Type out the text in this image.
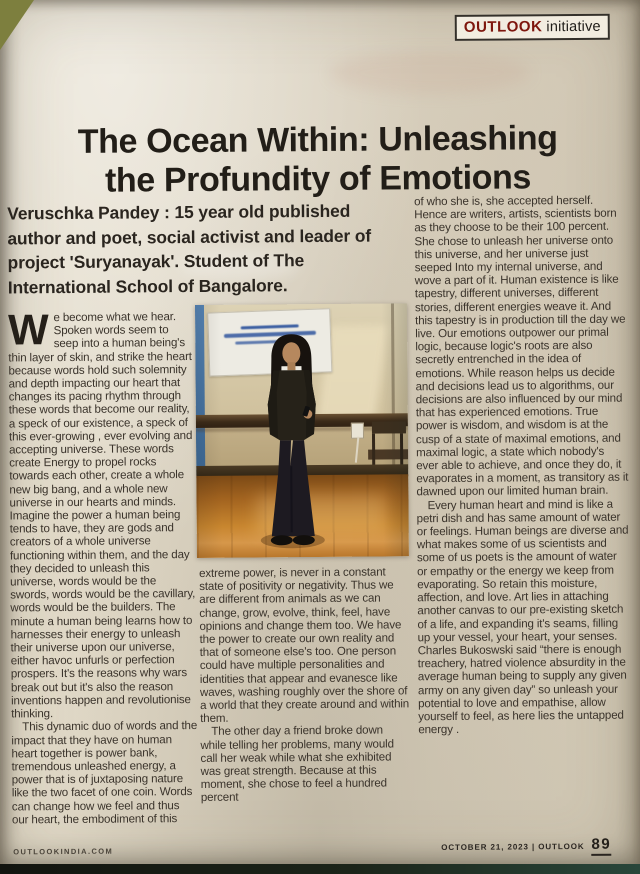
OUTLOOK initiative
The Ocean Within: Unleashing
the Profundity of Emotions
Veruschka Pandey : 15 year old published author and poet, social activist and leader of project 'Suryanayak'. Student of The International School of Bangalore.

We become what we hear. Spoken words seem to seep into a human being's thin layer of skin, and strike the heart because words hold such solemnity and depth impacting our heart that changes its pacing rhythm through these words that become our reality, a speck of our existence, a speck of this ever-growing , ever evolving and accepting universe. These words create Energy to propel rocks towards each other, create a whole new big bang, and a whole new universe in our hearts and minds. Imagine the power a human being tends to have, they are gods and creators of a whole universe functioning within them, and the day they decided to unleash this universe, words would be the swords, words would be the cavillary, words would be the builders. The minute a human being learns how to harnesses their energy to unleash their universe upon our universe, either havoc unfurls or perfection prospers. It's the reasons why wars break out but it's also the reason inventions happen and revolutionise thinking.

This dynamic duo of words and the impact that they have on human heart together is power bank, tremendous unleashed energy, a power that is of juxtaposing nature like the two facet of one coin. Words can change how we feel and thus our heart, the embodiment of this

extreme power, is never in a constant state of positivity or negativity. Thus we are different from animals as we can change, grow, evolve, think, feel, have opinions and change them too. We have the power to create our own reality and that of someone else's too. One person could have multiple personalities and identities that appear and evanesce like waves, washing roughly over the shore of a world that they create around and within them.

The other day a friend broke down while telling her problems, many would call her weak while what she exhibited was great strength. Because at this moment, she chose to feel a hundred percent

of who she is, she accepted herself. Hence are writers, artists, scientists born as they choose to be their 100 percent. She chose to unleash her universe onto this universe, and her universe just seeped Into my internal universe, and wove a part of it. Human existence is like tapestry, different universes, different stories, different energies weave it. And this tapestry is in production till the day we live. Our emotions outpower our primal logic, because logic's roots are also secretly entrenched in the idea of emotions. While reason helps us decide and decisions lead us to algorithms, our decisions are also influenced by our mind that has experienced emotions. True power is wisdom, and wisdom is at the cusp of a state of maximal emotions, and maximal logic, a state which nobody's ever able to achieve, and once they do, it evaporates in a moment, as transitory as it dawned upon our limited human brain.

Every human heart and mind is like a petri dish and has same amount of water or feelings. Human beings are diverse and what makes some of us scientists and some of us poets is the amount of water or empathy or the energy we keep from evaporating. So retain this moisture, affection, and love. Art lies in attaching another canvas to our pre-existing sketch of a life, and expanding it's seams, filling up your vessel, your heart, your senses. Charles Bukoswski said “there is enough treachery, hatred violence absurdity in the average human being to supply any given army on any given day” so unleash your potential to love and empathise, allow yourself to feel, as here lies the untapped energy .

OUTLOOKINDIA.COM	OCTOBER 21, 2023 | OUTLOOK 89
